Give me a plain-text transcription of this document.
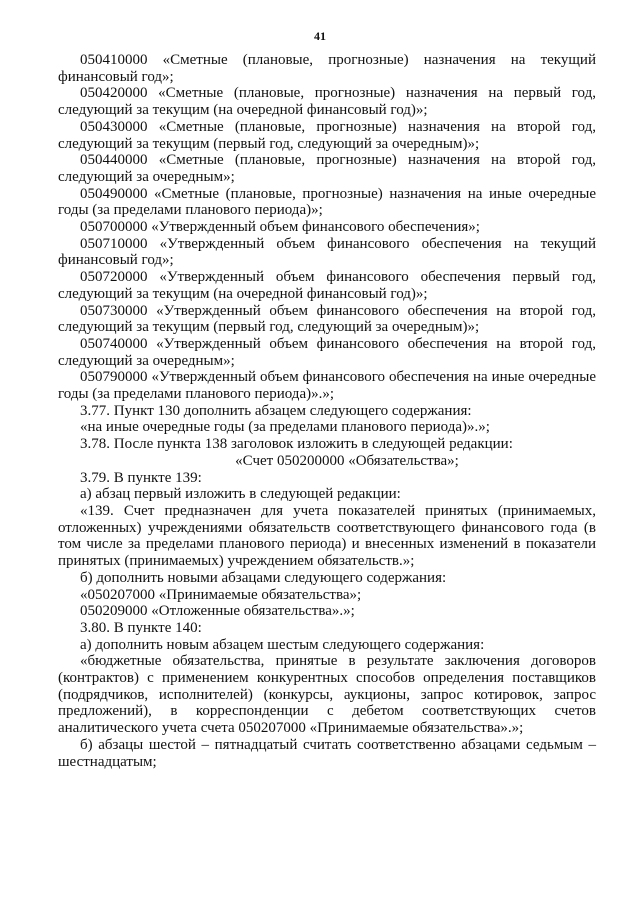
41

050410000 «Сметные (плановые, прогнозные) назначения на текущий финансовый год»;

050420000 «Сметные (плановые, прогнозные) назначения на первый год, следующий за текущим (на очередной финансовый год)»;

050430000 «Сметные (плановые, прогнозные) назначения на второй год, следующий за текущим (первый год, следующий за очередным)»;

050440000 «Сметные (плановые, прогнозные) назначения на второй год, следующий за очередным»;

050490000 «Сметные (плановые, прогнозные) назначения на иные очередные годы (за пределами планового периода)»;

050700000 «Утвержденный объем финансового обеспечения»;

050710000 «Утвержденный объем финансового обеспечения на текущий финансовый год»;

050720000 «Утвержденный объем финансового обеспечения первый год, следующий за текущим (на очередной финансовый год)»;

050730000 «Утвержденный объем финансового обеспечения на второй год, следующий за текущим (первый год, следующий за очередным)»;

050740000 «Утвержденный объем финансового обеспечения на второй год, следующий за очередным»;

050790000 «Утвержденный объем финансового обеспечения на иные очередные годы (за пределами планового периода)».»;

3.77. Пункт 130 дополнить абзацем следующего содержания:

«на иные очередные годы (за пределами планового периода)».»;

3.78. После пункта 138 заголовок изложить в следующей редакции:

«Счет 050200000 «Обязательства»;

3.79. В пункте 139:

а) абзац первый изложить в следующей редакции:

«139. Счет предназначен для учета показателей принятых (принимаемых, отложенных) учреждениями обязательств соответствующего финансового года (в том числе за пределами планового периода) и внесенных изменений в показатели принятых (принимаемых) учреждением обязательств.»;

б) дополнить новыми абзацами следующего содержания:

«050207000 «Принимаемые обязательства»;

050209000 «Отложенные обязательства».»;

3.80. В пункте 140:

а) дополнить новым абзацем шестым следующего содержания:

«бюджетные обязательства, принятые в результате заключения договоров (контрактов) с применением конкурентных способов определения поставщиков (подрядчиков, исполнителей) (конкурсы, аукционы, запрос котировок, запрос предложений), в корреспонденции с дебетом соответствующих счетов аналитического учета счета 050207000 «Принимаемые обязательства».»;

б) абзацы шестой – пятнадцатый считать соответственно абзацами седьмым – шестнадцатым;
